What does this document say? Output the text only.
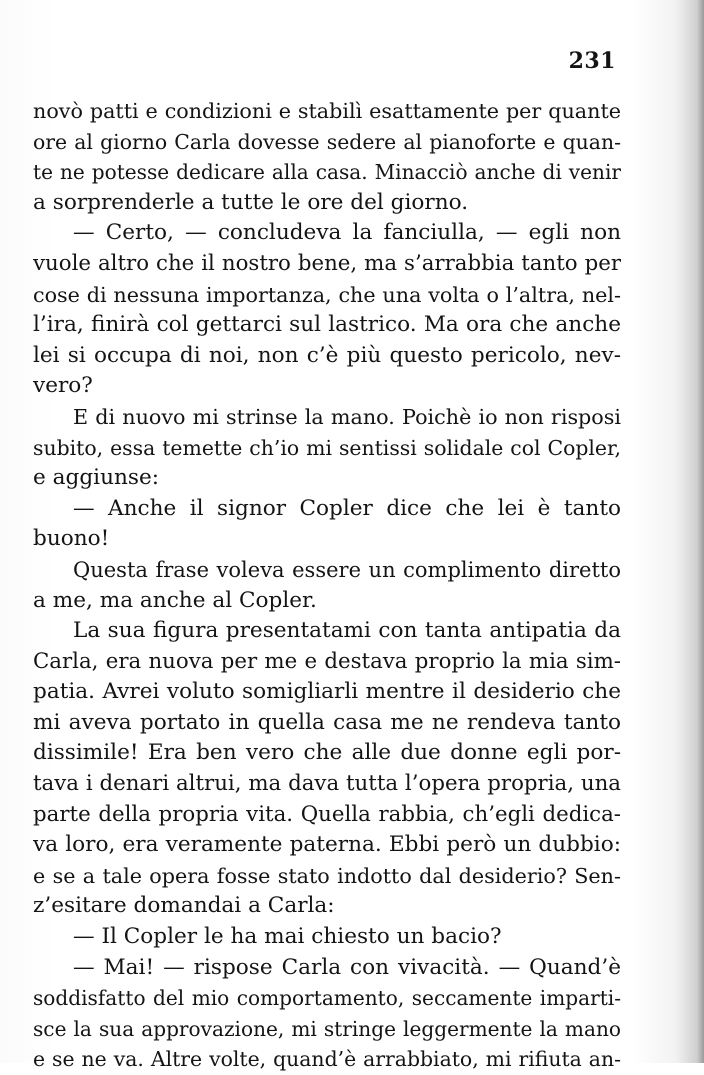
231
novò patti e condizioni e stabilì esattamente per quante
ore al giorno Carla dovesse sedere al pianoforte e quan-
te ne potesse dedicare alla casa. Minacciò anche di venir
a sorprenderle a tutte le ore del giorno.
— Certo, — concludeva la fanciulla, — egli non
vuole altro che il nostro bene, ma s’arrabbia tanto per
cose di nessuna importanza, che una volta o l’altra, nel-
l’ira, finirà col gettarci sul lastrico. Ma ora che anche
lei si occupa di noi, non c’è più questo pericolo, nev-
vero?
E di nuovo mi strinse la mano. Poichè io non risposi
subito, essa temette ch’io mi sentissi solidale col Copler,
e aggiunse:
— Anche il signor Copler dice che lei è tanto
buono!
Questa frase voleva essere un complimento diretto
a me, ma anche al Copler.
La sua figura presentatami con tanta antipatia da
Carla, era nuova per me e destava proprio la mia sim-
patia. Avrei voluto somigliarli mentre il desiderio che
mi aveva portato in quella casa me ne rendeva tanto
dissimile! Era ben vero che alle due donne egli por-
tava i denari altrui, ma dava tutta l’opera propria, una
parte della propria vita. Quella rabbia, ch’egli dedica-
va loro, era veramente paterna. Ebbi però un dubbio:
e se a tale opera fosse stato indotto dal desiderio? Sen-
z’esitare domandai a Carla:
— Il Copler le ha mai chiesto un bacio?
— Mai! — rispose Carla con vivacità. — Quand’è
soddisfatto del mio comportamento, seccamente imparti-
sce la sua approvazione, mi stringe leggermente la mano
e se ne va. Altre volte, quand’è arrabbiato, mi rifiuta an-
